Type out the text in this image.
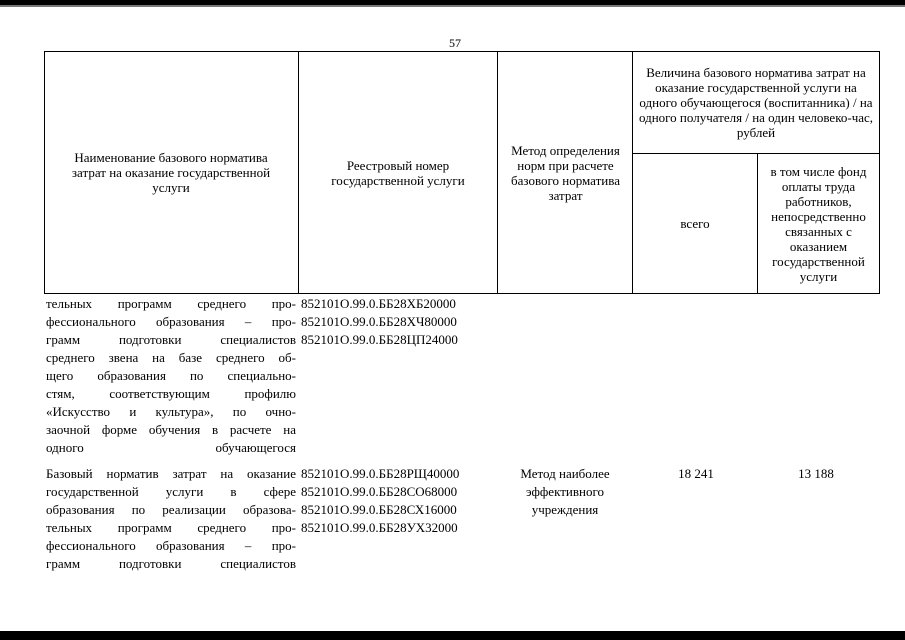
57
Наименование базового норматива затрат на оказание государственной услуги
Реестровый номер государственной услуги
Метод определения норм при расчете базового норматива затрат
Величина базового норматива затрат на оказание государственной услуги на одного обучающегося (воспитанника) / на одного получателя / на один человеко-час, рублей
всего
в том числе фонд оплаты труда работников, непосредственно связанных с оказанием государственной услуги
тельных программ среднего про-
фессионального образования – про-
грамм подготовки специалистов
среднего звена на базе среднего об-
щего образования по специально-
стям, соответствующим профилю
«Искусство и культура», по очно-
заочной форме обучения в расчете на
одного обучающегося
852101О.99.0.ББ28ХБ20000
852101О.99.0.ББ28ХЧ80000
852101О.99.0.ББ28ЦП24000
Базовый норматив затрат на оказание
государственной услуги в сфере
образования по реализации образова-
тельных программ среднего про-
фессионального образования – про-
грамм подготовки специалистов
852101О.99.0.ББ28РЩ40000
852101О.99.0.ББ28СО68000
852101О.99.0.ББ28СХ16000
852101О.99.0.ББ28УХ32000
Метод наиболее эффективного учреждения
18 241	13 188
